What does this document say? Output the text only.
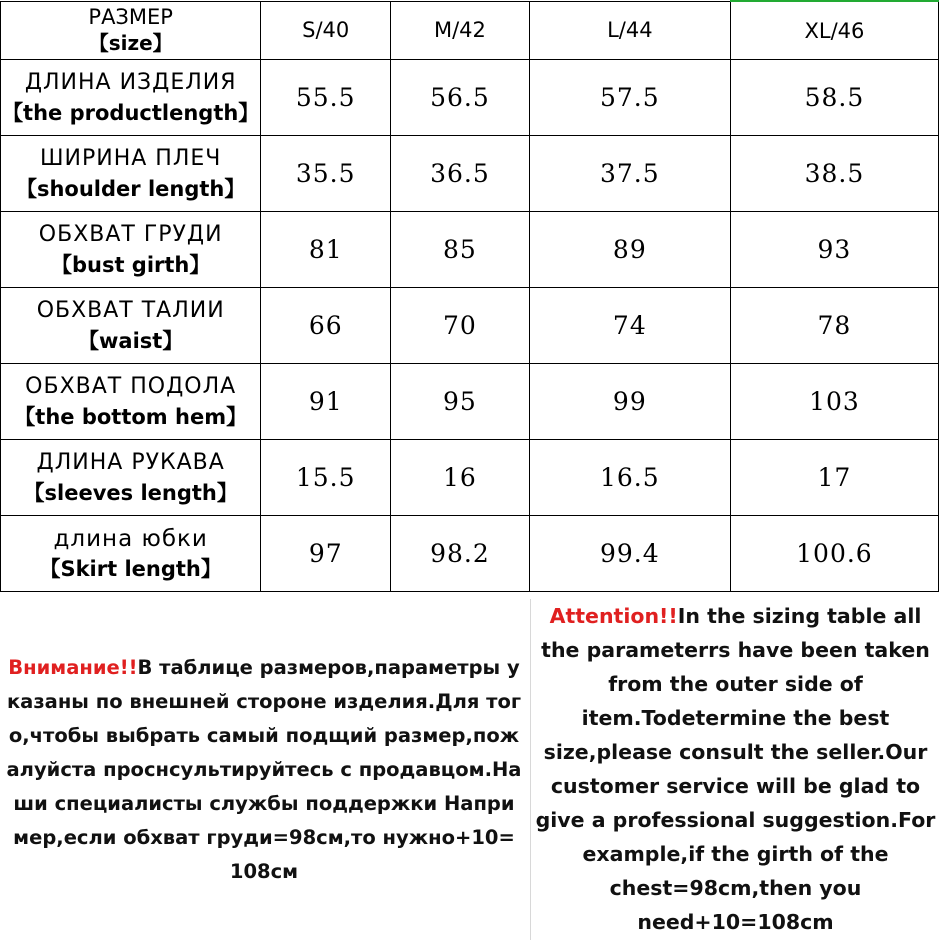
РАЗМЕР
【size】	S/40	M/42	L/44	XL/46

ДЛИНА ИЗДЕЛИЯ
【the productlength】	55.5	56.5	57.5	58.5

ШИРИНА ПЛЕЧ
【shoulder length】	35.5	36.5	37.5	38.5

ОБХВАТ ГРУДИ
【bust girth】	81	85	89	93

ОБХВАТ ТАЛИИ
【waist】	66	70	74	78

ОБХВАТ ПОДОЛА
【the bottom hem】	91	95	99	103

ДЛИНА РУКАВА
【sleeves length】	15.5	16	16.5	17

длина юбки
【Skirt length】	97	98.2	99.4	100.6

Внимание!!В таблице размеров,параметры указаны по внешней стороне изделия.Для того,чтобы выбрать самый подщий размер,пожалуйста проснсультируйтесь с продавцом.Наши специалисты службы поддержки Например,если обхват груди=98см,то нужно+10=108см

Attention!!In the sizing table all the parameterrs have been taken from the outer side of item.Todetermine the best size,please consult the seller.Our customer service will be glad to give a professional suggestion.For example,if the girth of the chest=98cm,then you need+10=108cm
